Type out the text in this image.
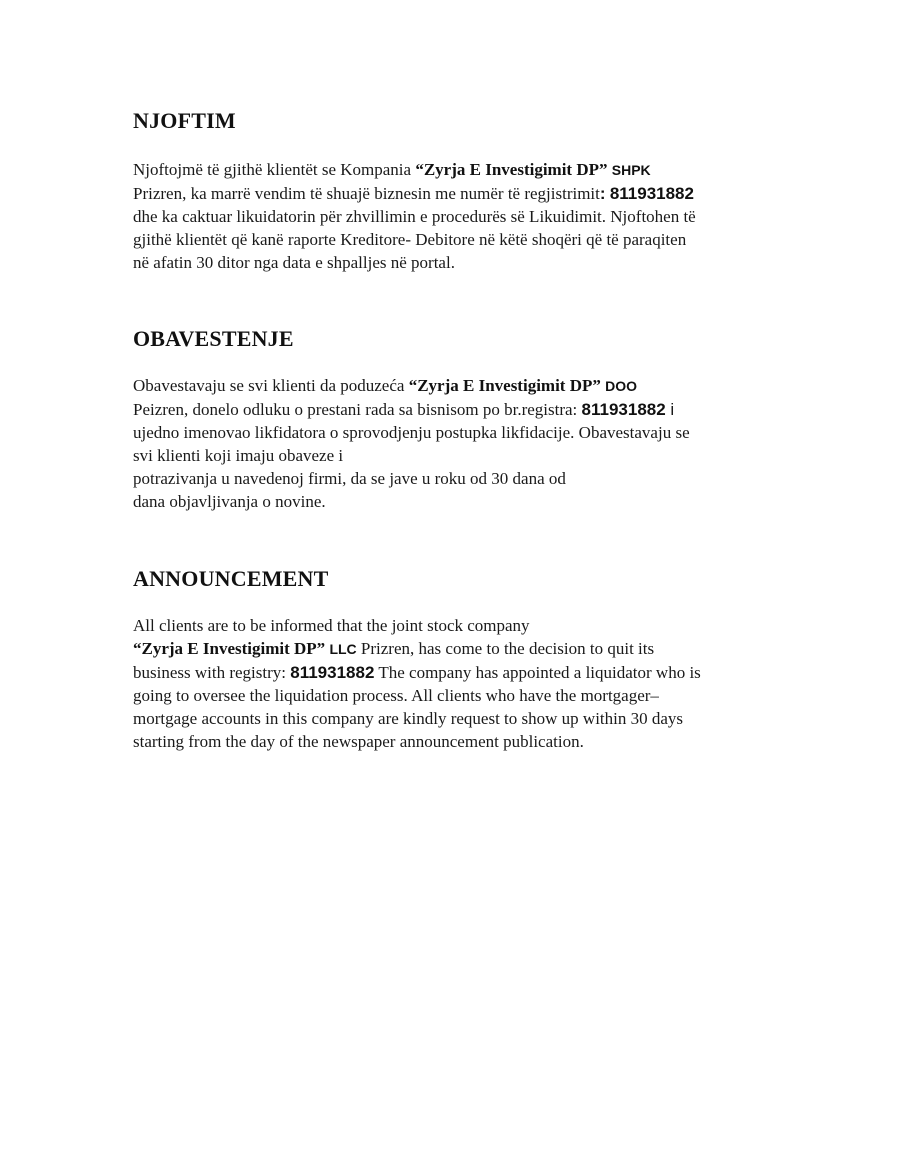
NJOFTIM

Njoftojmë të gjithë klientët se Kompania “Zyrja E Investigimit DP” SHPK
Prizren, ka marrë vendim të shuajë biznesin me numër të regjistrimit: 811931882
dhe ka caktuar likuidatorin për zhvillimin e procedurës së Likuidimit. Njoftohen të
gjithë klientët që kanë raporte Kreditore- Debitore në këtë shoqëri që të paraqiten
në afatin 30 ditor nga data e shpalljes në portal.

OBAVESTENJE

Obavestavaju se svi klienti da poduzeća “Zyrja E Investigimit DP” DOO
Peizren, donelo odluku o prestani rada sa bisnisom po br.registra: 811931882 i
ujedno imenovao likfidatora o sprovodjenju postupka likfidacije. Obavestavaju se
svi klienti koji imaju obaveze i
potrazivanja u navedenoj firmi, da se jave u roku od 30 dana od
dana objavljivanja o novine.

ANNOUNCEMENT

All clients are to be informed that the joint stock company
“Zyrja E Investigimit DP” LLC Prizren, has come to the decision to quit its
business with registry: 811931882 The company has appointed a liquidator who is
going to oversee the liquidation process. All clients who have the mortgager–
mortgage accounts in this company are kindly request to show up within 30 days
starting from the day of the newspaper announcement publication.
